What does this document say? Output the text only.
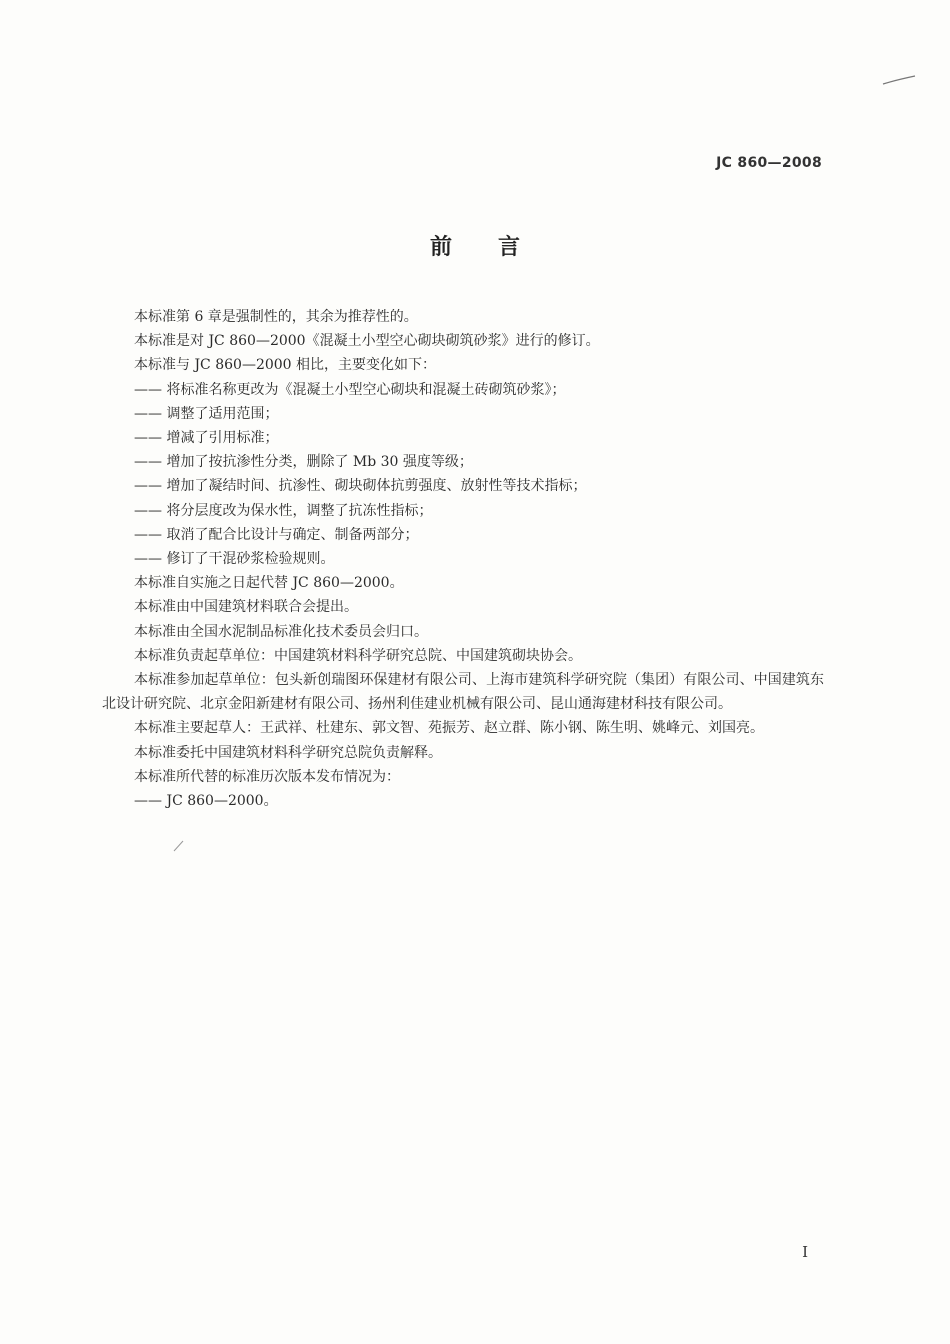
JC 860—2008
前言

本标准第 6 章是强制性的，其余为推荐性的。

本标准是对 JC 860—2000《混凝土小型空心砌块砌筑砂浆》进行的修订。

本标准与 JC 860—2000 相比，主要变化如下：

—— 将标准名称更改为《混凝土小型空心砌块和混凝土砖砌筑砂浆》；

—— 调整了适用范围；

—— 增减了引用标准；

—— 增加了按抗渗性分类，删除了 Mb 30 强度等级；

—— 增加了凝结时间、抗渗性、砌块砌体抗剪强度、放射性等技术指标；

—— 将分层度改为保水性，调整了抗冻性指标；

—— 取消了配合比设计与确定、制备两部分；

—— 修订了干混砂浆检验规则。

本标准自实施之日起代替 JC 860—2000。

本标准由中国建筑材料联合会提出。

本标准由全国水泥制品标准化技术委员会归口。

本标准负责起草单位：中国建筑材料科学研究总院、中国建筑砌块协会。

本标准参加起草单位：包头新创瑞图环保建材有限公司、上海市建筑科学研究院（集团）有限公司、中国建筑东北设计研究院、北京金阳新建材有限公司、扬州利佳建业机械有限公司、昆山通海建材科技有限公司。

本标准主要起草人：王武祥、杜建东、郭文智、苑振芳、赵立群、陈小钢、陈生明、姚峰元、刘国亮。

本标准委托中国建筑材料科学研究总院负责解释。

本标准所代替的标准历次版本发布情况为：

—— JC 860—2000。

I
